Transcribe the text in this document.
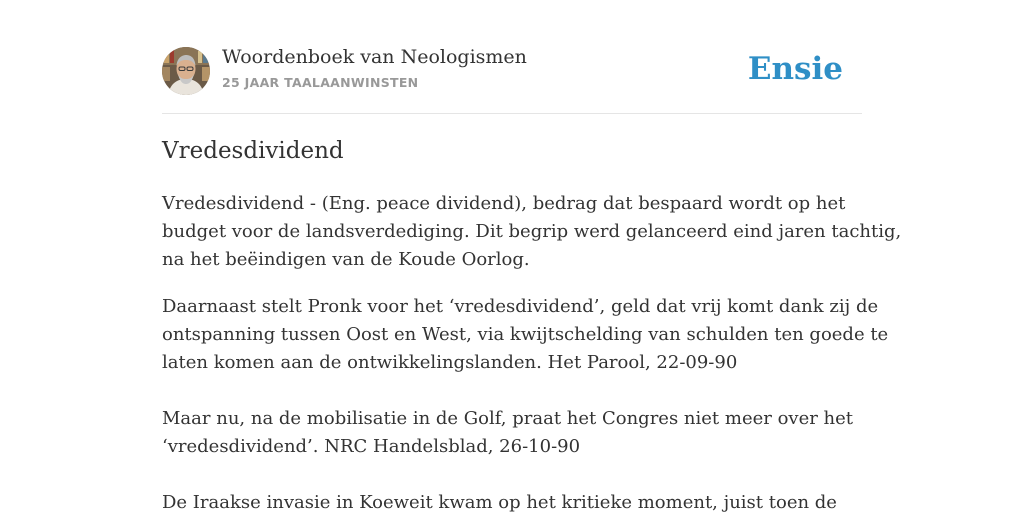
Woordenboek van Neologismen
25 JAAR TAALAANWINSTEN	Ensie
Vredesdividend
Vredesdividend - (Eng. peace dividend), bedrag dat bespaard wordt op het
budget voor de landsverdediging. Dit begrip werd gelanceerd eind jaren tachtig,
na het beëindigen van de Koude Oorlog.
Daarnaast stelt Pronk voor het ‘vredesdividend’, geld dat vrij komt dank zij de
ontspanning tussen Oost en West, via kwijtschelding van schulden ten goede te
laten komen aan de ontwikkelingslanden. Het Parool, 22-09-90

Maar nu, na de mobilisatie in de Golf, praat het Congres niet meer over het
‘vredesdividend’. NRC Handelsblad, 26-10-90

De Iraakse invasie in Koeweit kwam op het kritieke moment, juist toen de
